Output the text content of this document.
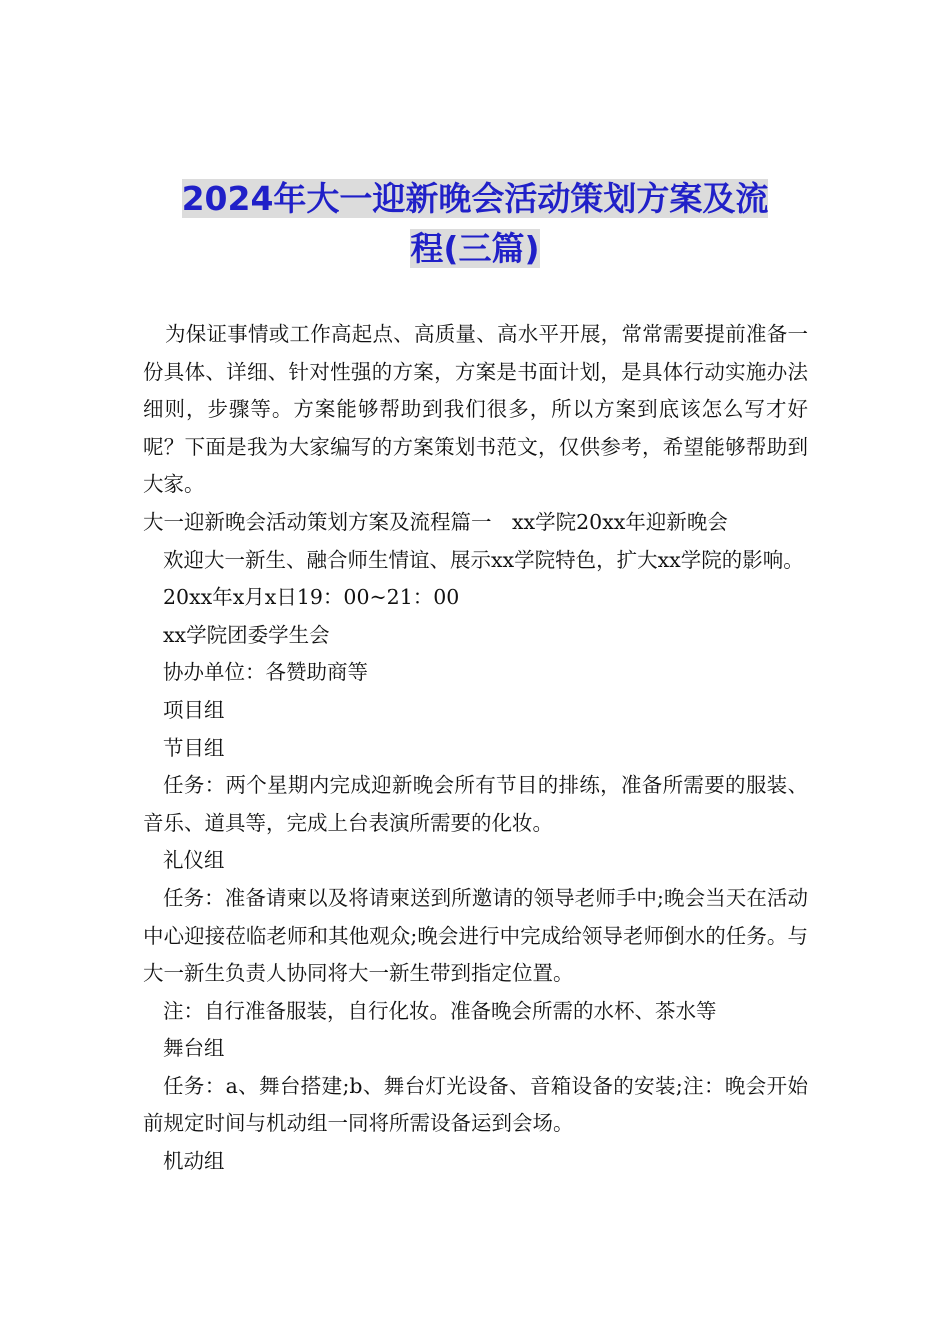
2024年大一迎新晚会活动策划方案及流
程(三篇)

为保证事情或工作高起点、高质量、高水平开展，常常需要提前准备一份具体、详细、针对性强的方案，方案是书面计划，是具体行动实施办法细则，步骤等。方案能够帮助到我们很多，所以方案到底该怎么写才好呢？下面是我为大家编写的方案策划书范文，仅供参考，希望能够帮助到大家。

大一迎新晚会活动策划方案及流程篇一　xx学院20xx年迎新晚会

欢迎大一新生、融合师生情谊、展示xx学院特色，扩大xx学院的影响。

20xx年x月x日19：00~21：00

xx学院团委学生会

协办单位：各赞助商等

项目组

节目组

任务：两个星期内完成迎新晚会所有节目的排练，准备所需要的服装、音乐、道具等，完成上台表演所需要的化妆。

礼仪组

任务：准备请柬以及将请柬送到所邀请的领导老师手中;晚会当天在活动中心迎接莅临老师和其他观众;晚会进行中完成给领导老师倒水的任务。与大一新生负责人协同将大一新生带到指定位置。

注：自行准备服装，自行化妆。准备晚会所需的水杯、茶水等

舞台组

任务：a、舞台搭建;b、舞台灯光设备、音箱设备的安装;注：晚会开始前规定时间与机动组一同将所需设备运到会场。

机动组
